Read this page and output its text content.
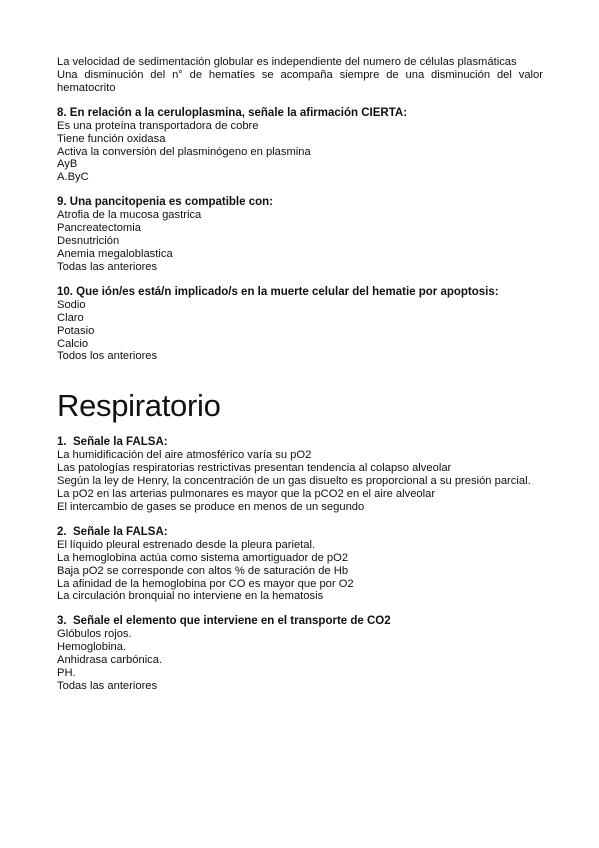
La velocidad de sedimentación globular es independiente del numero de células plasmáticas
Una disminución del n° de hematíes se acompaña siempre de una disminución del valor hematocrito
8. En relación a la ceruloplasmina, señale la afirmación CIERTA:
Es una proteína transportadora de cobre
Tiene función oxidasa
Activa la conversión del plasminógeno en plasmina
AyB
A.ByC
9. Una pancitopenia es compatible con:
Atrofia de la mucosa gastrica
Pancreatectomia
Desnutrición
Anemia megaloblastica
Todas las anteriores
10. Que ión/es está/n implicado/s en la muerte celular del hematie por apoptosis:
Sodio
Claro
Potasio
Calcio
Todos los anteriores
Respiratorio
1. Señale la FALSA:
La humidificación del aire atmosférico varía su pO2
Las patologías respiratorias restrictivas presentan tendencia al colapso alveolar
Según la ley de Henry, la concentración de un gas disuelto es proporcional a su presión parcial.
La pO2 en las arterias pulmonares es mayor que la pCO2 en el aire alveolar
El intercambio de gases se produce en menos de un segundo
2. Señale la FALSA:
El líquido pleural estrenado desde la pleura parietal.
La hemoglobina actúa como sistema amortiguador de pO2
Baja pO2 se corresponde con altos % de saturación de Hb
La afinidad de la hemoglobina por CO es mayor que por O2
La circulación bronquial no interviene en la hematosis
3. Señale el elemento que interviene en el transporte de CO2
Glóbulos rojos.
Hemoglobina.
Anhidrasa carbónica.
PH.
Todas las anteriores
